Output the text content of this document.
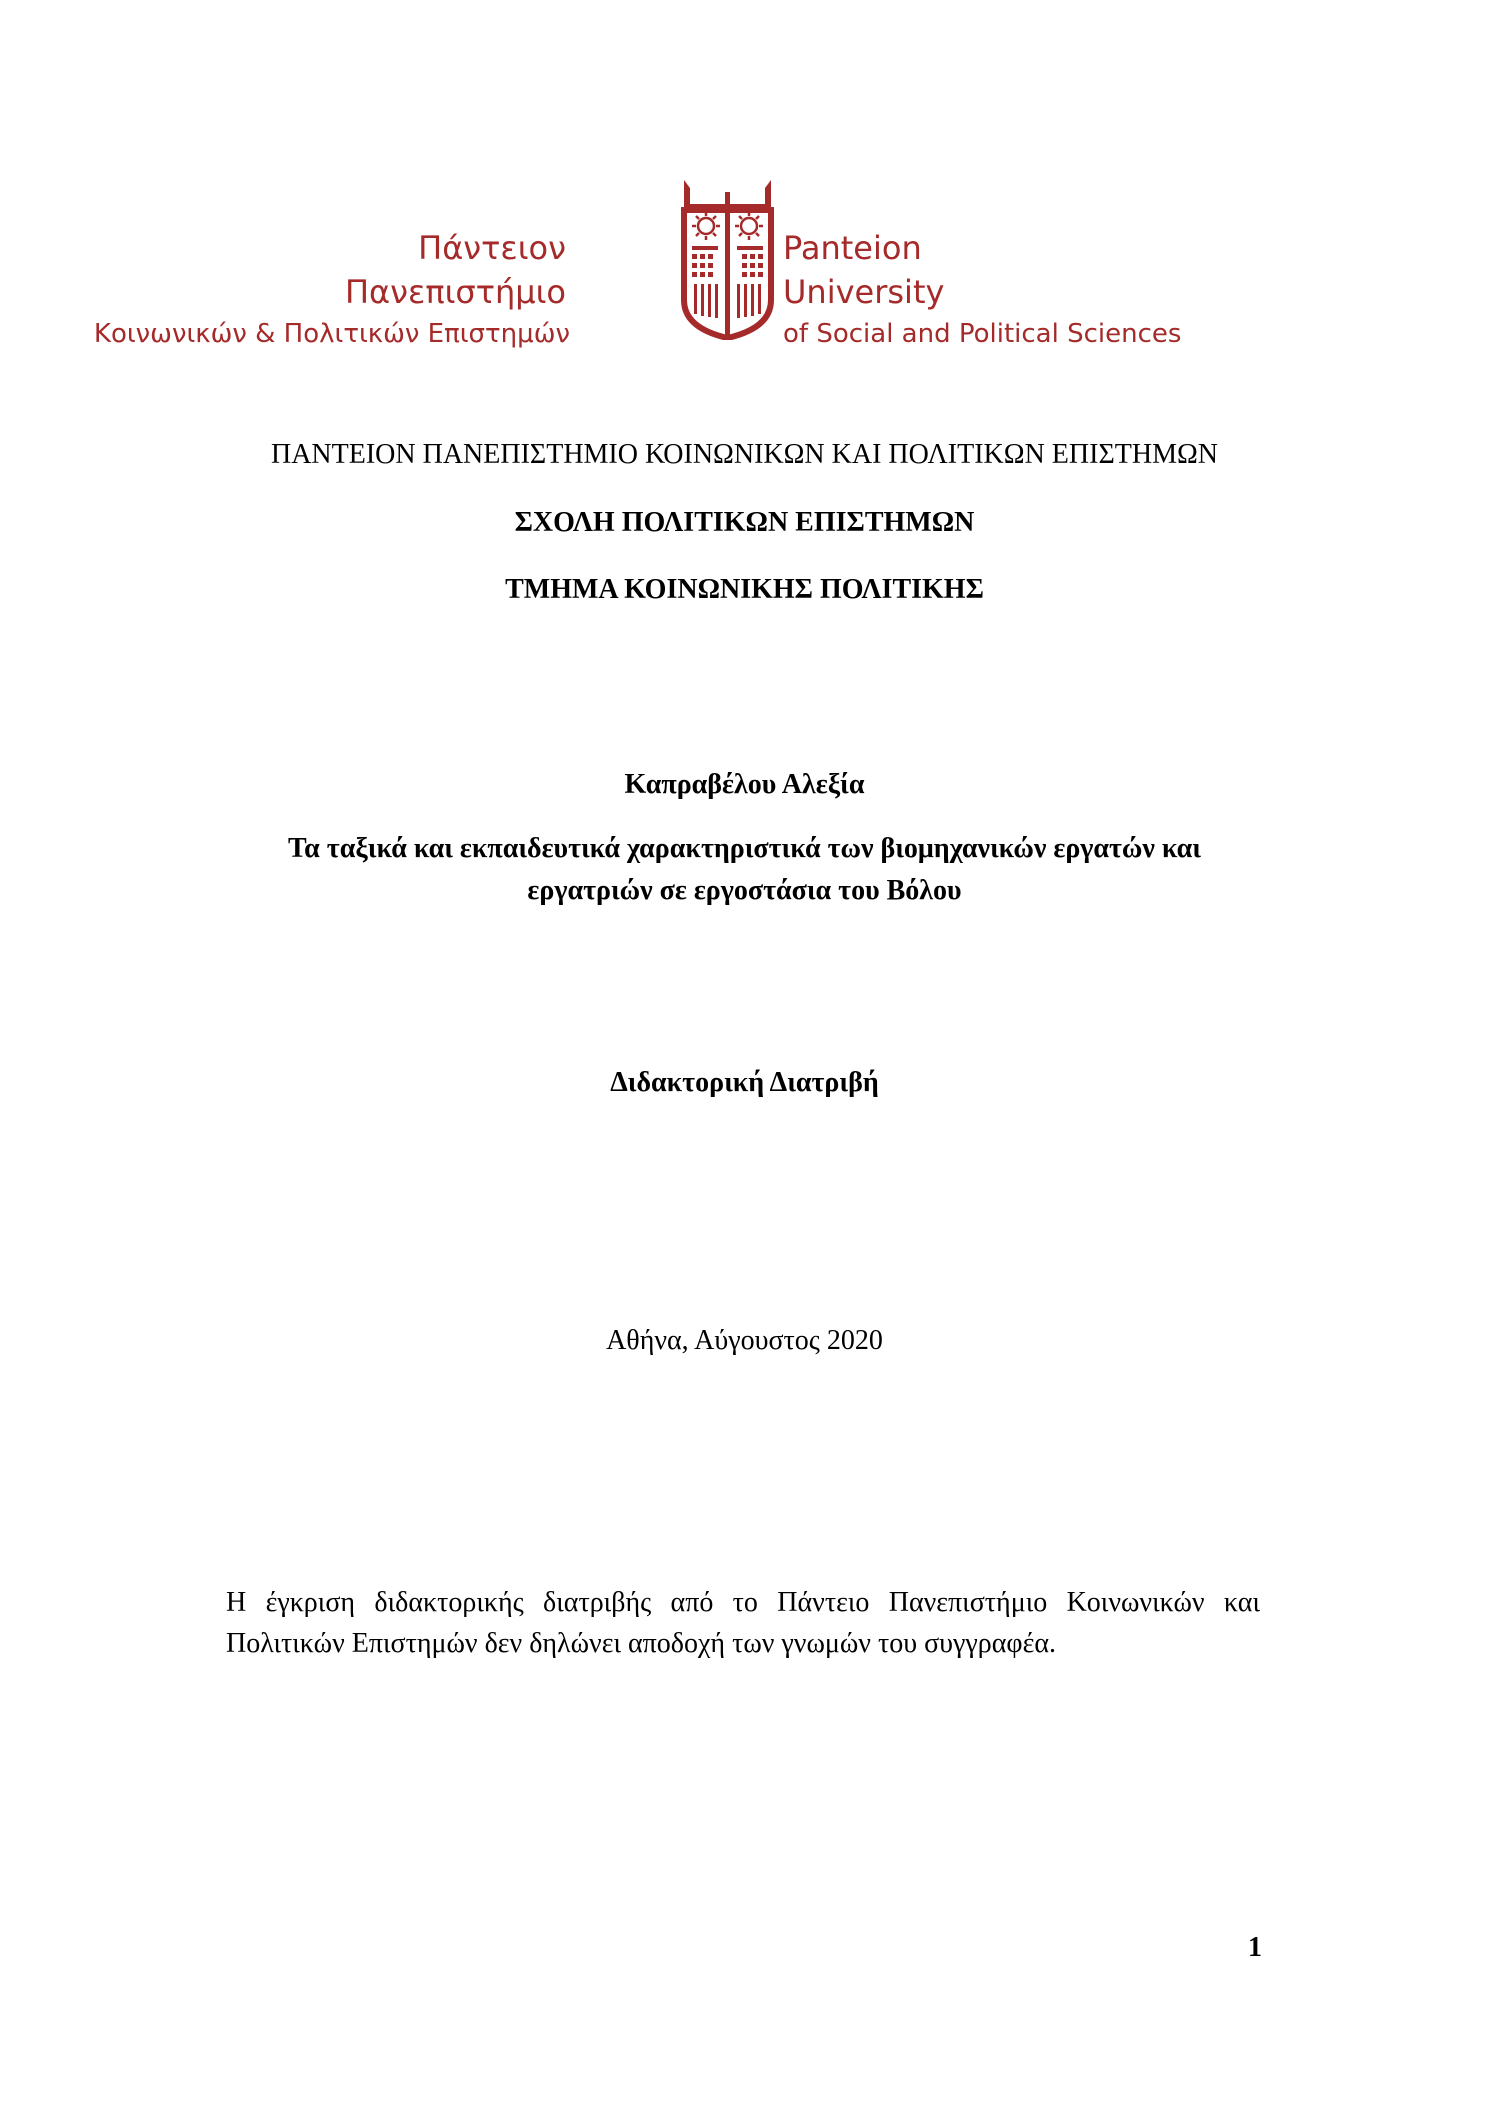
Πάντειον
Πανεπιστήμιο
Κοινωνικών & Πολιτικών Επιστημών
Panteion
University
of Social and Political Sciences
ΠΑΝΤΕΙΟΝ ΠΑΝΕΠΙΣΤΗΜΙΟ ΚΟΙΝΩΝΙΚΩΝ ΚΑΙ ΠΟΛΙΤΙΚΩΝ ΕΠΙΣΤΗΜΩΝ
ΣΧΟΛΗ ΠΟΛΙΤΙΚΩΝ ΕΠΙΣΤΗΜΩΝ
ΤΜΗΜΑ ΚΟΙΝΩΝΙΚΗΣ ΠΟΛΙΤΙΚΗΣ
Καπραβέλου Αλεξία
Τα ταξικά και εκπαιδευτικά χαρακτηριστικά των βιομηχανικών εργατών και
εργατριών σε εργοστάσια του Βόλου
Διδακτορική Διατριβή
Αθήνα, Αύγουστος 2020
Η έγκριση διδακτορικής διατριβής από το Πάντειο Πανεπιστήμιο Κοινωνικών και Πολιτικών Επιστημών δεν δηλώνει αποδοχή των γνωμών του συγγραφέα.
1
